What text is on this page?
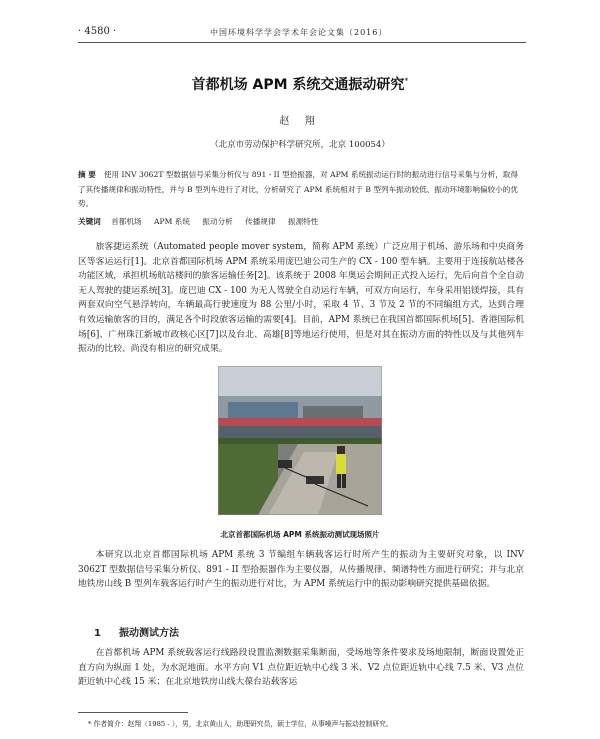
· 4580 ·	中国环境科学学会学术年会论文集（2016）
首都机场 APM 系统交通振动研究*
赵 翔
（北京市劳动保护科学研究所，北京 100054）
摘 要 使用 INV 3062T 型数据信号采集分析仪与 891 - II 型拾振器，对 APM 系统振动运行时的振动进行信号采集与分析，取得了其传播规律和振动特性，并与 B 型列车进行了对比，分析研究了 APM 系统相对于 B 型列车振动较低、振动环境影响偏较小的优势。
关键词 首都机场 APM 系统 振动分析 传播规律 振源特性
旅客捷运系统（Automated people mover system，简称 APM 系统）广泛应用于机场、游乐场和中央商务区等客运运行[1]。北京首都国际机场 APM 系统采用庞巴迪公司生产的 CX - 100 型车辆。主要用于连接航站楼各功能区域，承担机场航站楼间的旅客运输任务[2]。该系统于 2008 年奥运会期间正式投入运行，先后向首个全自动无人驾驶的捷运系统[3]。庞巴迪 CX - 100 为无人驾驶全自动运行车辆，可双方向运行，车身采用铝镁焊接，具有两套双向空气悬浮转向，车辆最高行驶速度为 88 公里/小时，采取 4 节、3 节及 2 节的不同编组方式，达到合理有效运输旅客的目的，满足各个时段旅客运输的需要[4]。目前，APM 系统已在我国首都国际机场[5]、香港国际机场[6]、广州珠江新城市政核心区[7]以及台北、高雄[8]等地运行使用，但是对其在振动方面的特性以及与其他列车振动的比较、尚没有相应的研究成果。
北京首都国际机场 APM 系统振动测试现场照片
本研究以北京首都国际机场 APM 系统 3 节编组车辆载客运行时所产生的振动为主要研究对象，以 INV 3062T 型数据信号采集分析仪、891 - II 型拾振器作为主要仪器，从传播规律、频谱特性方面进行研究；并与北京地铁房山线 B 型列车载客运行时产生的振动进行对比，为 APM 系统运行中的振动影响研究提供基础依据。
1 振动测试方法
在首都机场 APM 系统载客运行线路段设置监测数据采集断面，受场地等条件要求及场地限制，断面设置处正直方向为纵面 1 处，为水泥地面。水平方向 V1 点位距近轨中心线 3 米、V2 点位距近轨中心线 7.5 米、V3 点位距近轨中心线 15 米；在北京地铁房山线大葆台站载客运
* 作者简介：赵翔（1985 - ），男，北京黄山人，助理研究员，硕士学位，从事噪声与振动控制研究。
